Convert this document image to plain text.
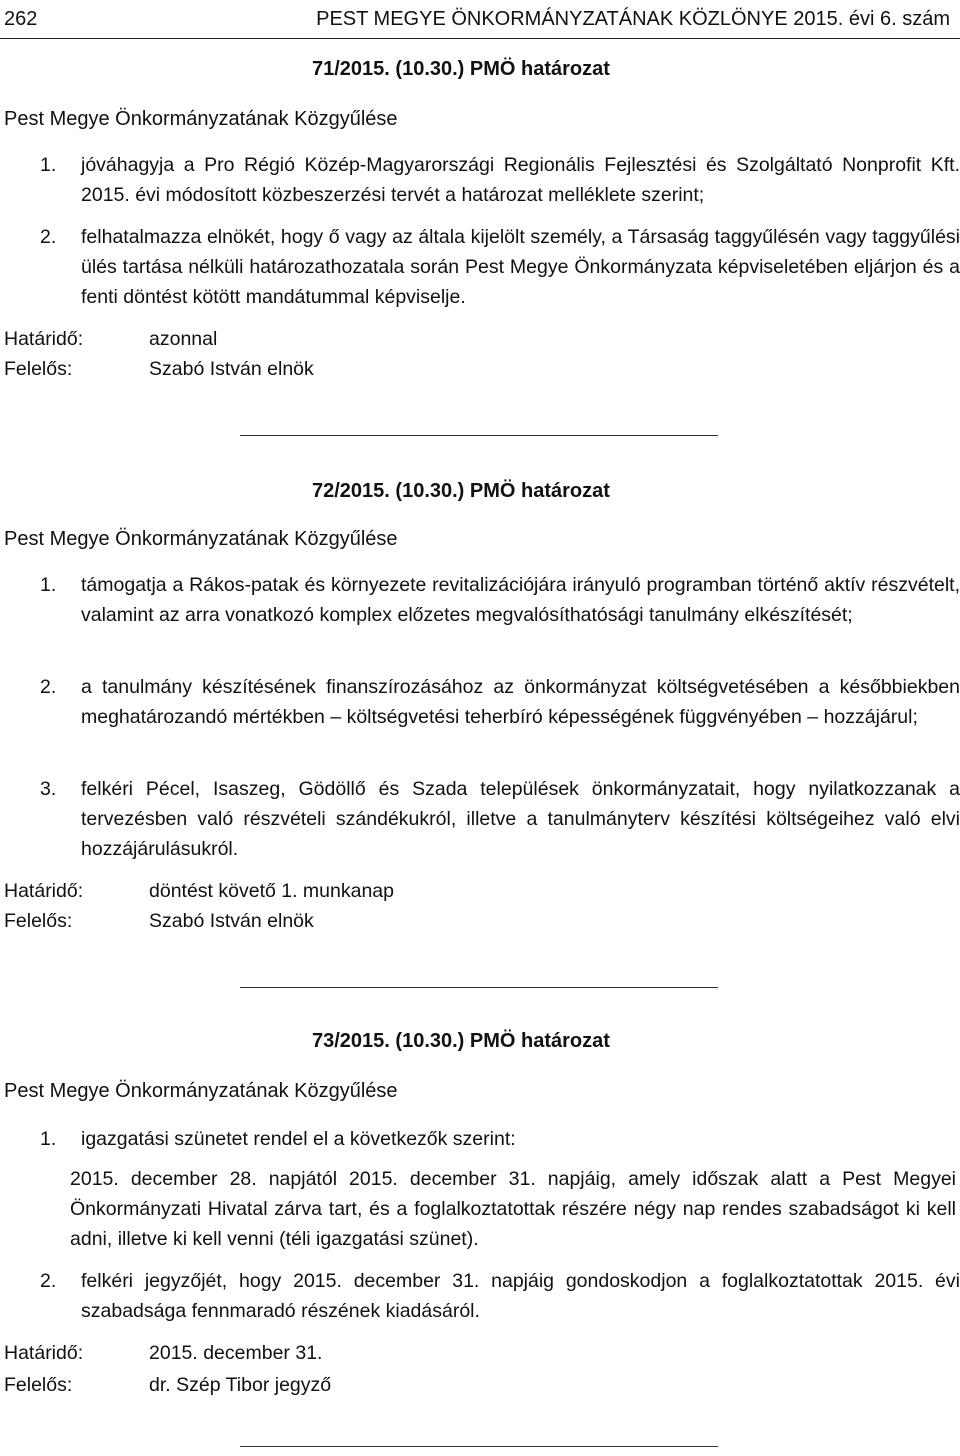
262	PEST MEGYE ÖNKORMÁNYZATÁNAK KÖZLÖNYE 2015. évi 6. szám
71/2015. (10.30.) PMÖ határozat
Pest Megye Önkormányzatának Közgyűlése
1. jóváhagyja a Pro Régió Közép-Magyarországi Regionális Fejlesztési és Szolgáltató Nonprofit Kft. 2015. évi módosított közbeszerzési tervét a határozat melléklete szerint;
2. felhatalmazza elnökét, hogy ő vagy az általa kijelölt személy, a Társaság taggyűlésén vagy taggyűlési ülés tartása nélküli határozathozatala során Pest Megye Önkormányzata képviseletében eljárjon és a fenti döntést kötött mandátummal képviselje.
Határidő:	azonnal
Felelős:	Szabó István elnök
72/2015. (10.30.) PMÖ határozat
Pest Megye Önkormányzatának Közgyűlése
1. támogatja a Rákos-patak és környezete revitalizációjára irányuló programban történő aktív részvételt, valamint az arra vonatkozó komplex előzetes megvalósíthatósági tanulmány elkészítését;
2. a tanulmány készítésének finanszírozásához az önkormányzat költségvetésében a későbbiekben meghatározandó mértékben – költségvetési teherbíró képességének függvényében – hozzájárul;
3. felkéri Pécel, Isaszeg, Gödöllő és Szada települések önkormányzatait, hogy nyilatkozzanak a tervezésben való részvételi szándékukról, illetve a tanulmányterv készítési költségeihez való elvi hozzájárulásukról.
Határidő:	döntést követő 1. munkanap
Felelős:	Szabó István elnök
73/2015. (10.30.) PMÖ határozat
Pest Megye Önkormányzatának Közgyűlése
1. igazgatási szünetet rendel el a következők szerint:
2015. december 28. napjától 2015. december 31. napjáig, amely időszak alatt a Pest Megyei Önkormányzati Hivatal zárva tart, és a foglalkoztatottak részére négy nap rendes szabadságot ki kell adni, illetve ki kell venni (téli igazgatási szünet).
2. felkéri jegyzőjét, hogy 2015. december 31. napjáig gondoskodjon a foglalkoztatottak 2015. évi szabadsága fennmaradó részének kiadásáról.
Határidő:	2015. december 31.
Felelős:	dr. Szép Tibor jegyző
